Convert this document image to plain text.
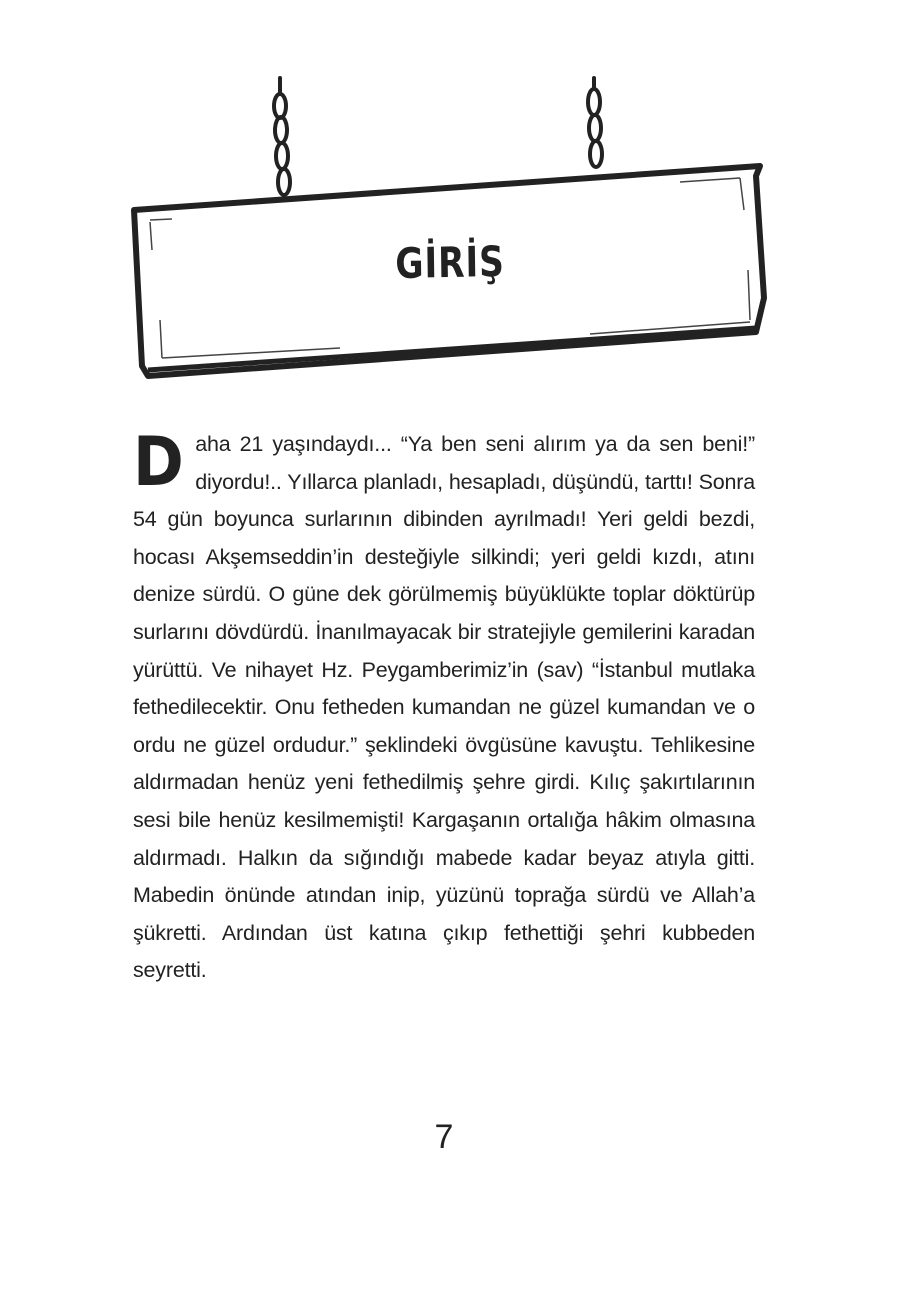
GİRİŞ

Daha 21 yaşındaydı... “Ya ben seni alırım ya da sen beni!” diyordu!.. Yıllarca planladı, hesapladı, düşündü, tarttı! Sonra 54 gün boyunca surlarının dibinden ayrılmadı! Yeri geldi bezdi, hocası Akşemseddin’in desteğiyle silkindi; yeri geldi kızdı, atını denize sürdü. O güne dek görülmemiş büyüklükte toplar döktürüp surlarını dövdürdü. İnanılmayacak bir stratejiyle gemilerini karadan yürüttü. Ve nihayet Hz. Peygamberimiz’in (sav) “İstanbul mutlaka fethedilecektir. Onu fetheden kumandan ne güzel kumandan ve o ordu ne güzel ordudur.” şeklindeki övgüsüne kavuştu. Tehlikesine aldırmadan henüz yeni fethedilmiş şehre girdi. Kılıç şakırtılarının sesi bile henüz kesilmemişti! Kargaşanın ortalığa hâkim olmasına aldırmadı. Halkın da sığındığı mabede kadar beyaz atıyla gitti. Mabedin önünde atından inip, yüzünü toprağa sürdü ve Allah’a şükretti. Ardından üst katına çıkıp fethettiği şehri kubbeden seyretti.

7
